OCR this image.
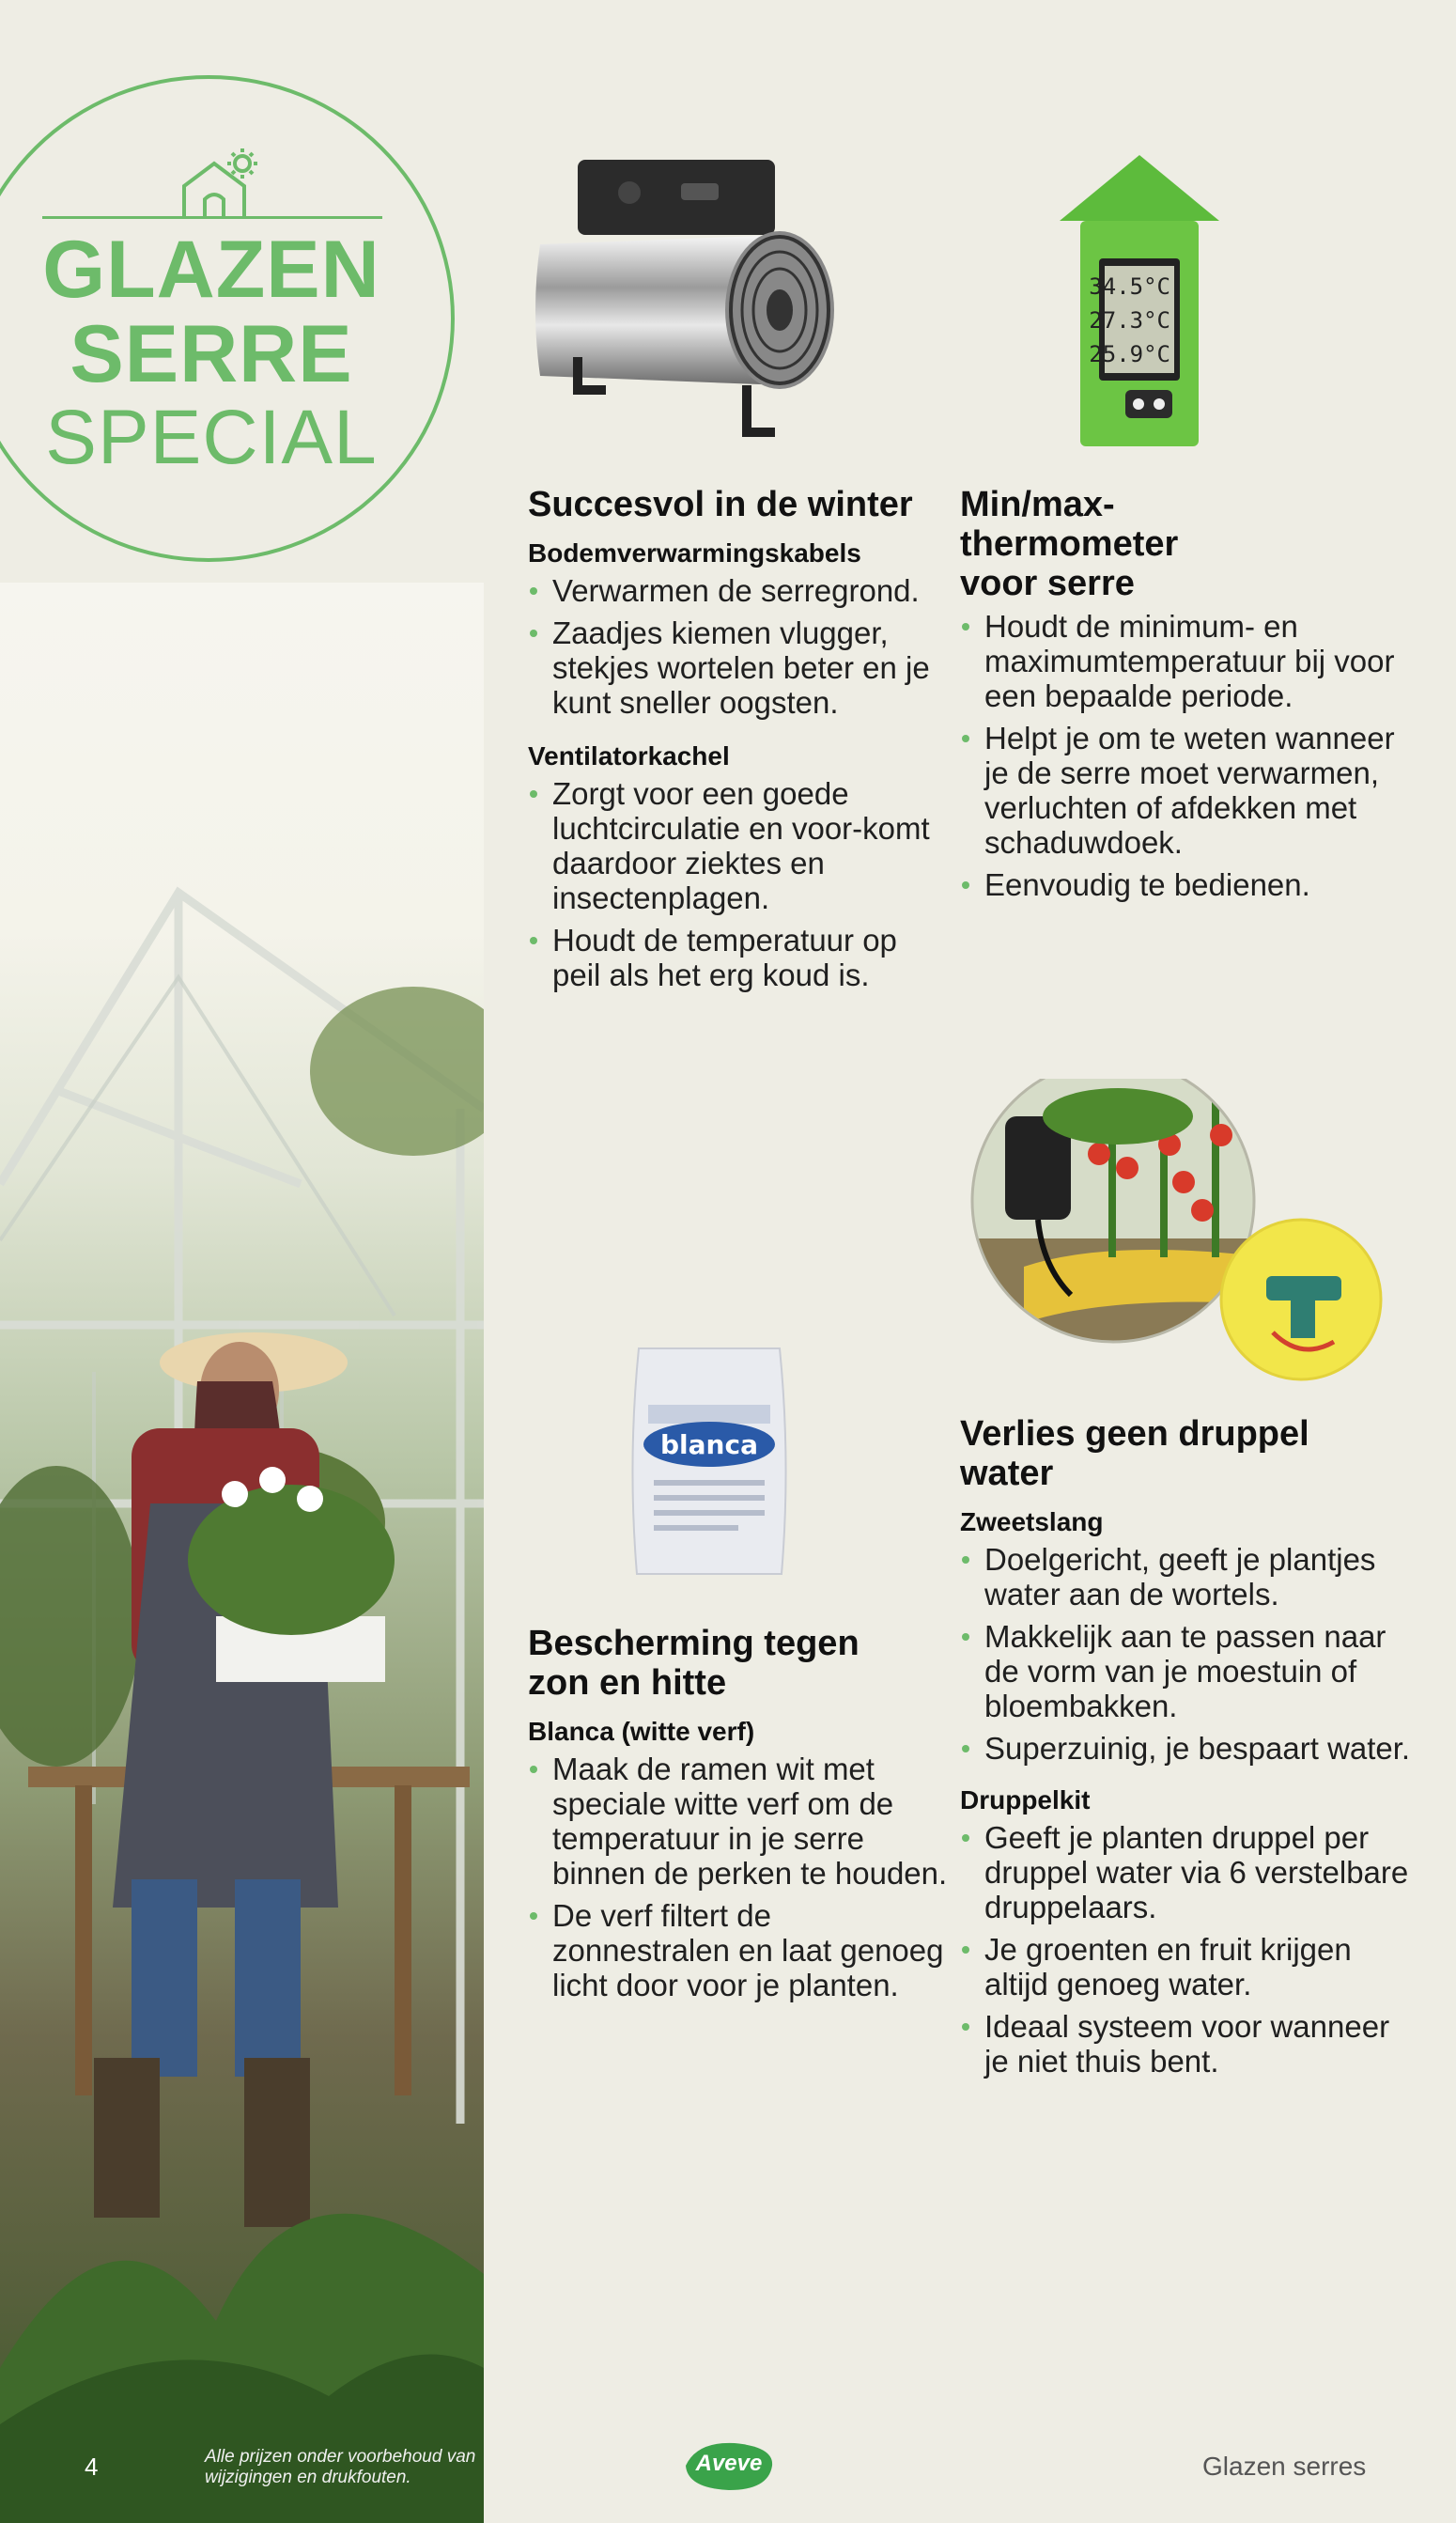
GLAZEN
SERRE
SPECIAL
34.5°C
27.3°C
25.9°C
blanca
Succesvol in de winter
Bodemverwarmingskabels
Verwarmen de serregrond.
Zaadjes kiemen vlugger, stekjes wortelen beter en je kunt sneller oogsten.
Ventilatorkachel
Zorgt voor een goede luchtcirculatie en voor-komt daardoor ziektes en insectenplagen.
Houdt de temperatuur op peil als het erg koud is.
Min/max-thermometer voor serre
Houdt de minimum- en maximumtemperatuur bij voor een bepaalde periode.
Helpt je om te weten wanneer je de serre moet verwarmen, verluchten of afdekken met schaduwdoek.
Eenvoudig te bedienen.
Bescherming tegen zon en hitte
Blanca (witte verf)
Maak de ramen wit met speciale witte verf om de temperatuur in je serre binnen de perken te houden.
De verf filtert de zonnestralen en laat genoeg licht door voor je planten.
Verlies geen druppel water
Zweetslang
Doelgericht, geeft je plantjes water aan de wortels.
Makkelijk aan te passen naar de vorm van je moestuin of bloembakken.
Superzuinig, je bespaart water.
Druppelkit
Geeft je planten druppel per druppel water via 6 verstelbare druppelaars.
Je groenten en fruit krijgen altijd genoeg water.
Ideaal systeem voor wanneer je niet thuis bent.
4	Alle prijzen onder voorbehoud van wijzigingen en drukfouten.
Aveve	Glazen serres
